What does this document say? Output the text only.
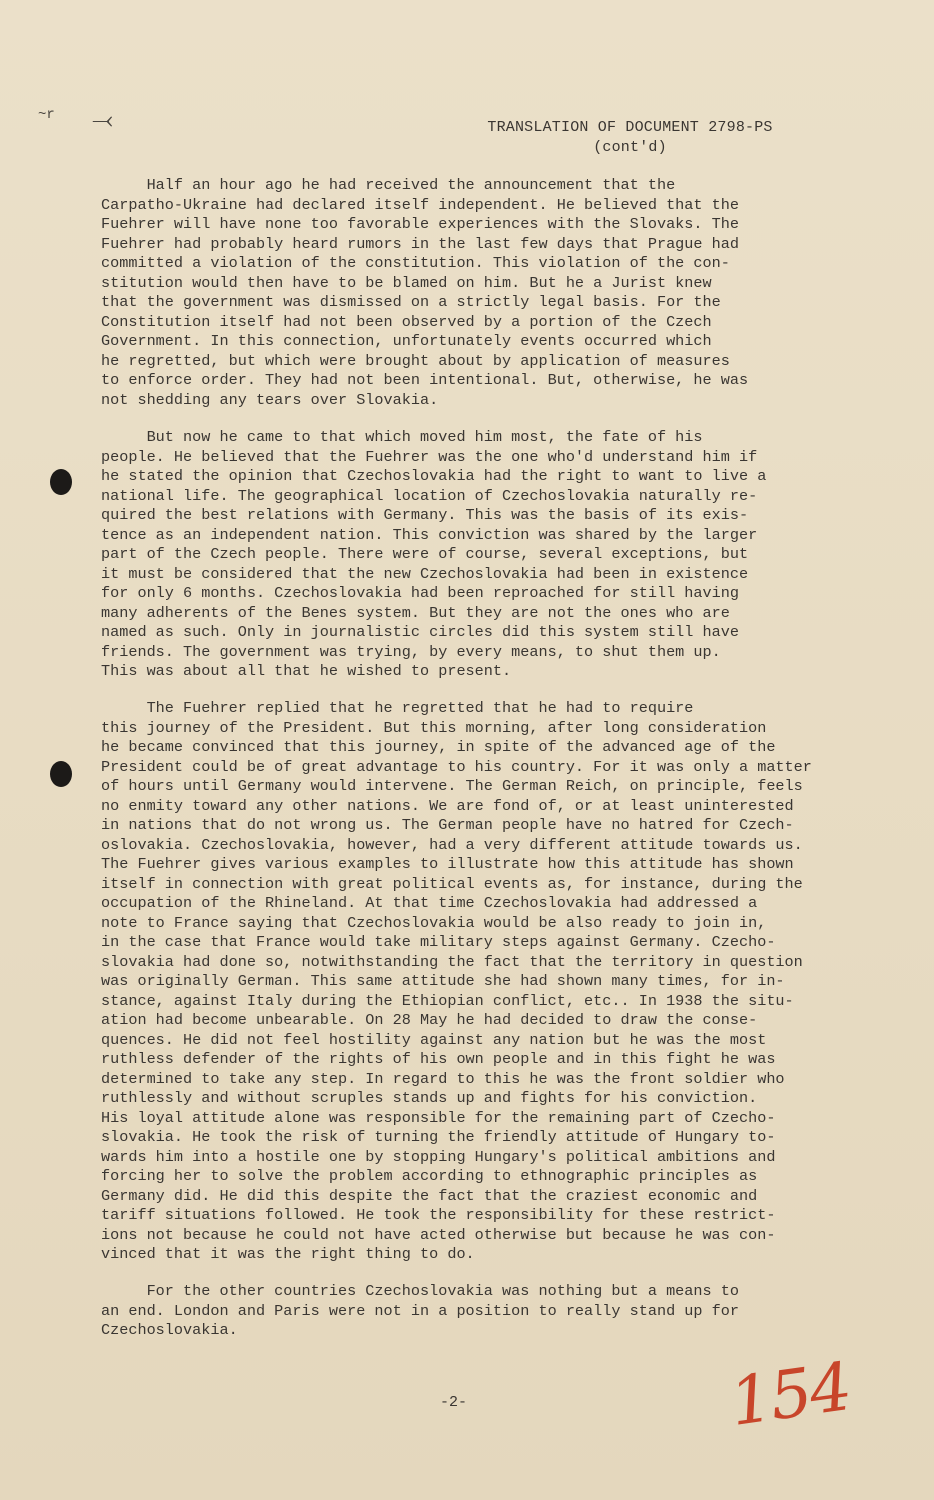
~r ⤙	TRANSLATION OF DOCUMENT 2798-PS
(cont'd)
Half an hour ago he had received the announcement that the
Carpatho-Ukraine had declared itself independent. He believed that the
Fuehrer will have none too favorable experiences with the Slovaks. The
Fuehrer had probably heard rumors in the last few days that Prague had
committed a violation of the constitution. This violation of the con-
stitution would then have to be blamed on him. But he a Jurist knew
that the government was dismissed on a strictly legal basis. For the
Constitution itself had not been observed by a portion of the Czech
Government. In this connection, unfortunately events occurred which
he regretted, but which were brought about by application of measures
to enforce order. They had not been intentional. But, otherwise, he was
not shedding any tears over Slovakia.
But now he came to that which moved him most, the fate of his
people. He believed that the Fuehrer was the one who'd understand him if
he stated the opinion that Czechoslovakia had the right to want to live a
national life. The geographical location of Czechoslovakia naturally re-
quired the best relations with Germany. This was the basis of its exis-
tence as an independent nation. This conviction was shared by the larger
part of the Czech people. There were of course, several exceptions, but
it must be considered that the new Czechoslovakia had been in existence
for only 6 months. Czechoslovakia had been reproached for still having
many adherents of the Benes system. But they are not the ones who are
named as such. Only in journalistic circles did this system still have
friends. The government was trying, by every means, to shut them up.
This was about all that he wished to present.
The Fuehrer replied that he regretted that he had to require
this journey of the President. But this morning, after long consideration
he became convinced that this journey, in spite of the advanced age of the
President could be of great advantage to his country. For it was only a matter
of hours until Germany would intervene. The German Reich, on principle, feels
no enmity toward any other nations. We are fond of, or at least uninterested
in nations that do not wrong us. The German people have no hatred for Czech-
oslovakia. Czechoslovakia, however, had a very different attitude towards us.
The Fuehrer gives various examples to illustrate how this attitude has shown
itself in connection with great political events as, for instance, during the
occupation of the Rhineland. At that time Czechoslovakia had addressed a
note to France saying that Czechoslovakia would be also ready to join in,
in the case that France would take military steps against Germany. Czecho-
slovakia had done so, notwithstanding the fact that the territory in question
was originally German. This same attitude she had shown many times, for in-
stance, against Italy during the Ethiopian conflict, etc.. In 1938 the situ-
ation had become unbearable. On 28 May he had decided to draw the conse-
quences. He did not feel hostility against any nation but he was the most
ruthless defender of the rights of his own people and in this fight he was
determined to take any step. In regard to this he was the front soldier who
ruthlessly and without scruples stands up and fights for his conviction.
His loyal attitude alone was responsible for the remaining part of Czecho-
slovakia. He took the risk of turning the friendly attitude of Hungary to-
wards him into a hostile one by stopping Hungary's political ambitions and
forcing her to solve the problem according to ethnographic principles as
Germany did. He did this despite the fact that the craziest economic and
tariff situations followed. He took the responsibility for these restrict-
ions not because he could not have acted otherwise but because he was con-
vinced that it was the right thing to do.
For the other countries Czechoslovakia was nothing but a means to
an end. London and Paris were not in a position to really stand up for
Czechoslovakia.
-2-	154
